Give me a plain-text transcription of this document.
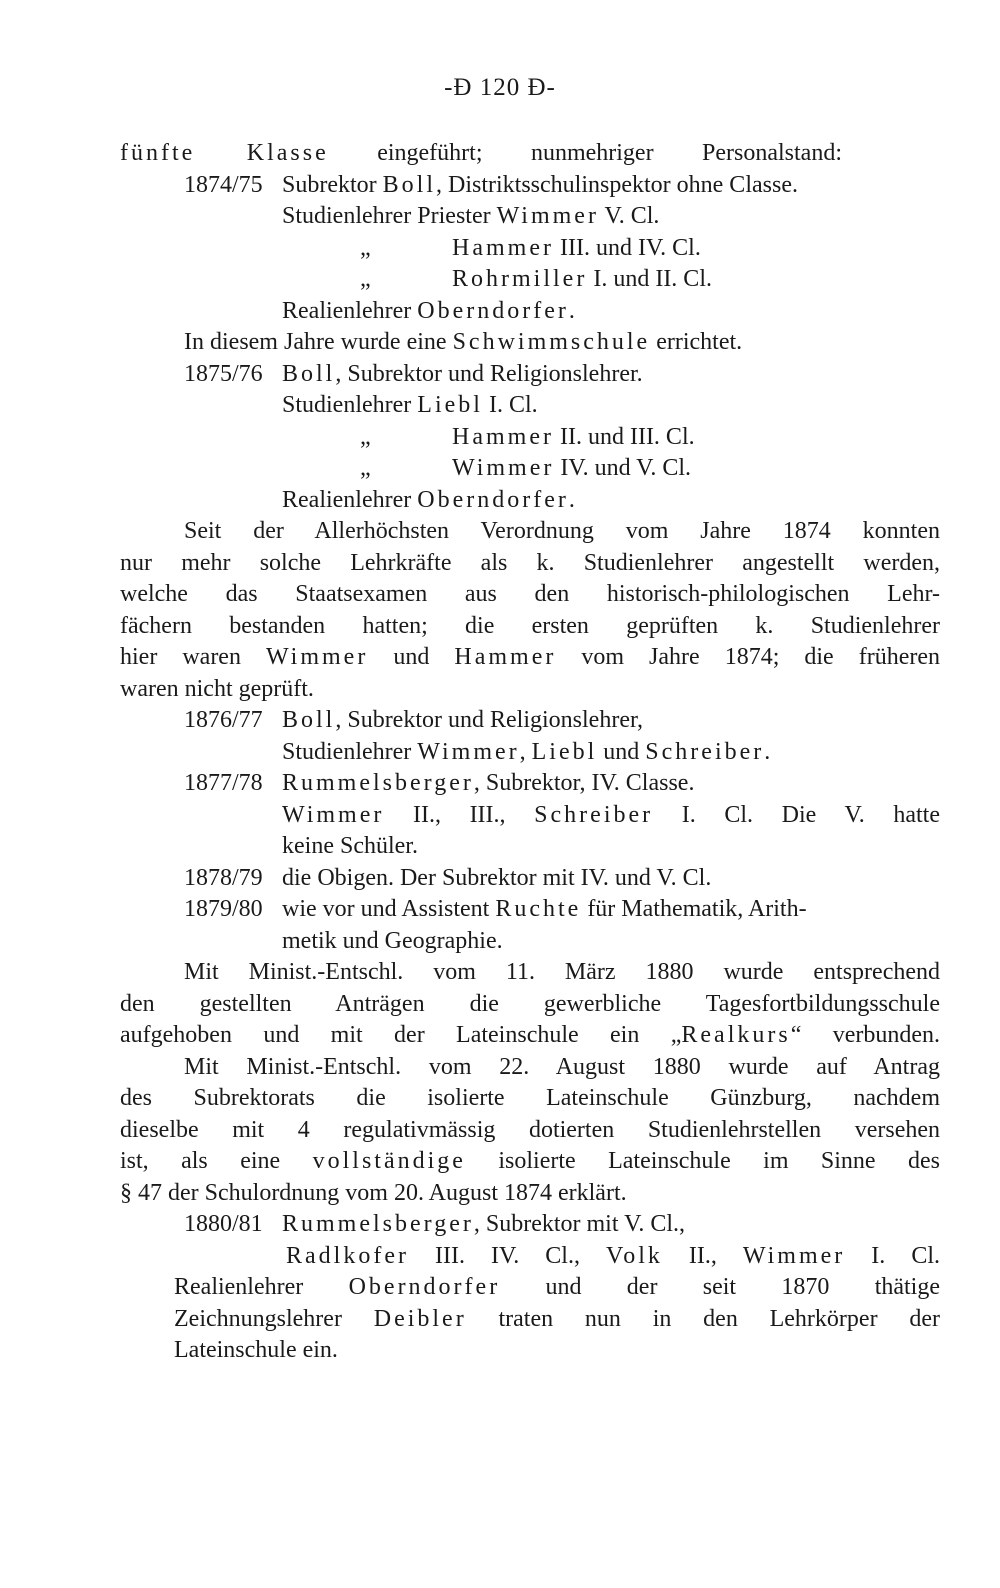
-Ð 120 Ð-
fünfte Klasse eingeführt; nunmehriger Personalstand:
1874/75 Subrektor Boll, Distriktsschulinspektor ohne Classe.
Studienlehrer Priester Wimmer V. Cl.
„	Hammer III. und IV. Cl.
„	Rohrmiller I. und II. Cl.
Realienlehrer Oberndorfer.
In diesem Jahre wurde eine Schwimmschule errichtet.
1875/76 Boll, Subrektor und Religionslehrer.
Studienlehrer Liebl I. Cl.
„	Hammer II. und III. Cl.
„	Wimmer IV. und V. Cl.
Realienlehrer Oberndorfer.
Seit der Allerhöchsten Verordnung vom Jahre 1874 konnten
nur mehr solche Lehrkräfte als k. Studienlehrer angestellt werden,
welche das Staatsexamen aus den historisch-philologischen Lehr-
fächern bestanden hatten; die ersten geprüften k. Studienlehrer
hier waren Wimmer und Hammer vom Jahre 1874; die früheren
waren nicht geprüft.
1876/77 Boll, Subrektor und Religionslehrer,
Studienlehrer Wimmer, Liebl und Schreiber.
1877/78 Rummelsberger, Subrektor, IV. Classe.
Wimmer II., III., Schreiber I. Cl. Die V. hatte
keine Schüler.
1878/79 die Obigen. Der Subrektor mit IV. und V. Cl.
1879/80 wie vor und Assistent Ruchte für Mathematik, Arith-
metik und Geographie.
Mit Minist.-Entschl. vom 11. März 1880 wurde entsprechend
den gestellten Anträgen die gewerbliche Tagesfortbildungsschule
aufgehoben und mit der Lateinschule ein „Realkurs“ verbunden.
Mit Minist.-Entschl. vom 22. August 1880 wurde auf Antrag
des Subrektorats die isolierte Lateinschule Günzburg, nachdem
dieselbe mit 4 regulativmässig dotierten Studienlehrstellen versehen
ist, als eine vollständige isolierte Lateinschule im Sinne des
§ 47 der Schulordnung vom 20. August 1874 erklärt.
1880/81 Rummelsberger, Subrektor mit V. Cl.,
Radlkofer III. IV. Cl., Volk II., Wimmer I. Cl.
Realienlehrer Oberndorfer und der seit 1870 thätige
Zeichnungslehrer Deibler traten nun in den Lehrkörper der
Lateinschule ein.
